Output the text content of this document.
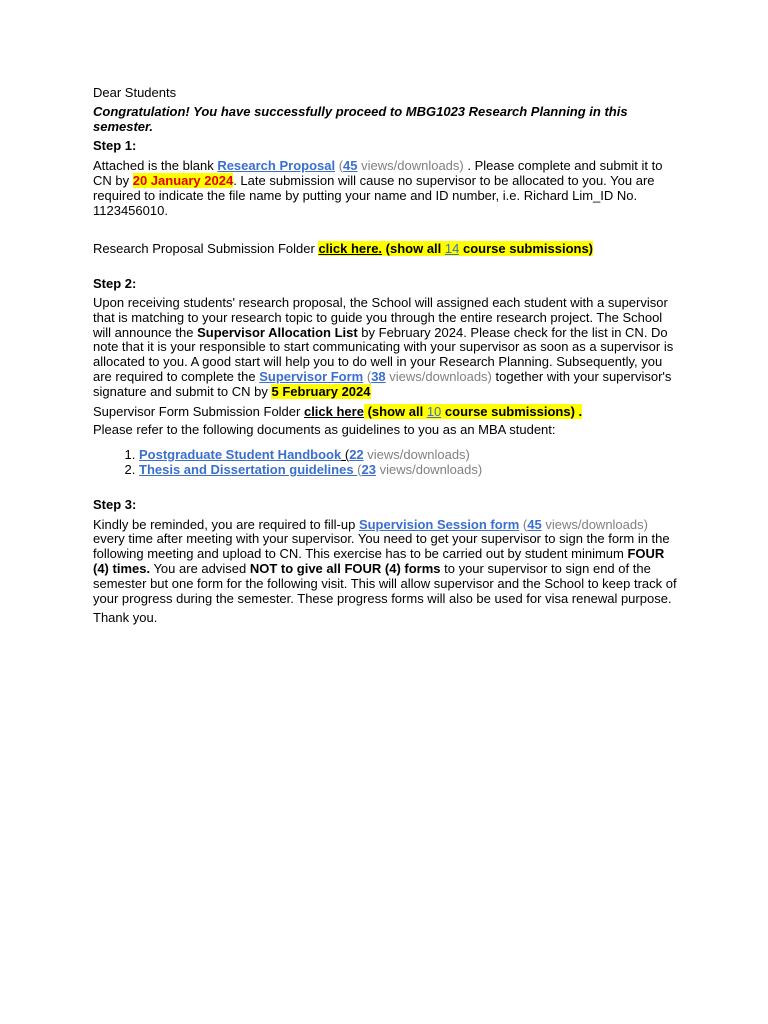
Dear Students

Congratulation! You have successfully proceed to MBG1023 Research Planning in this semester.

Step 1:

Attached is the blank Research Proposal (45 views/downloads) . Please complete and submit it to CN by 20 January 2024. Late submission will cause no supervisor to be allocated to you. You are required to indicate the file name by putting your name and ID number, i.e. Richard Lim_ID No. 1123456010.

Research Proposal Submission Folder click here. (show all 14 course submissions)

Step 2:

Upon receiving students' research proposal, the School will assigned each student with a supervisor that is matching to your research topic to guide you through the entire research project. The School will announce the Supervisor Allocation List by February 2024. Please check for the list in CN. Do note that it is your responsible to start communicating with your supervisor as soon as a supervisor is allocated to you. A good start will help you to do well in your Research Planning. Subsequently, you are required to complete the Supervisor Form (38 views/downloads) together with your supervisor's signature and submit to CN by 5 February 2024

Supervisor Form Submission Folder click here (show all 10 course submissions) .

Please refer to the following documents as guidelines to you as an MBA student:

1. Postgraduate Student Handbook (22 views/downloads)
2. Thesis and Dissertation guidelines (23 views/downloads)

Step 3:

Kindly be reminded, you are required to fill-up Supervision Session form (45 views/downloads) every time after meeting with your supervisor. You need to get your supervisor to sign the form in the following meeting and upload to CN. This exercise has to be carried out by student minimum FOUR (4) times. You are advised NOT to give all FOUR (4) forms to your supervisor to sign end of the semester but one form for the following visit. This will allow supervisor and the School to keep track of your progress during the semester. These progress forms will also be used for visa renewal purpose.

Thank you.
